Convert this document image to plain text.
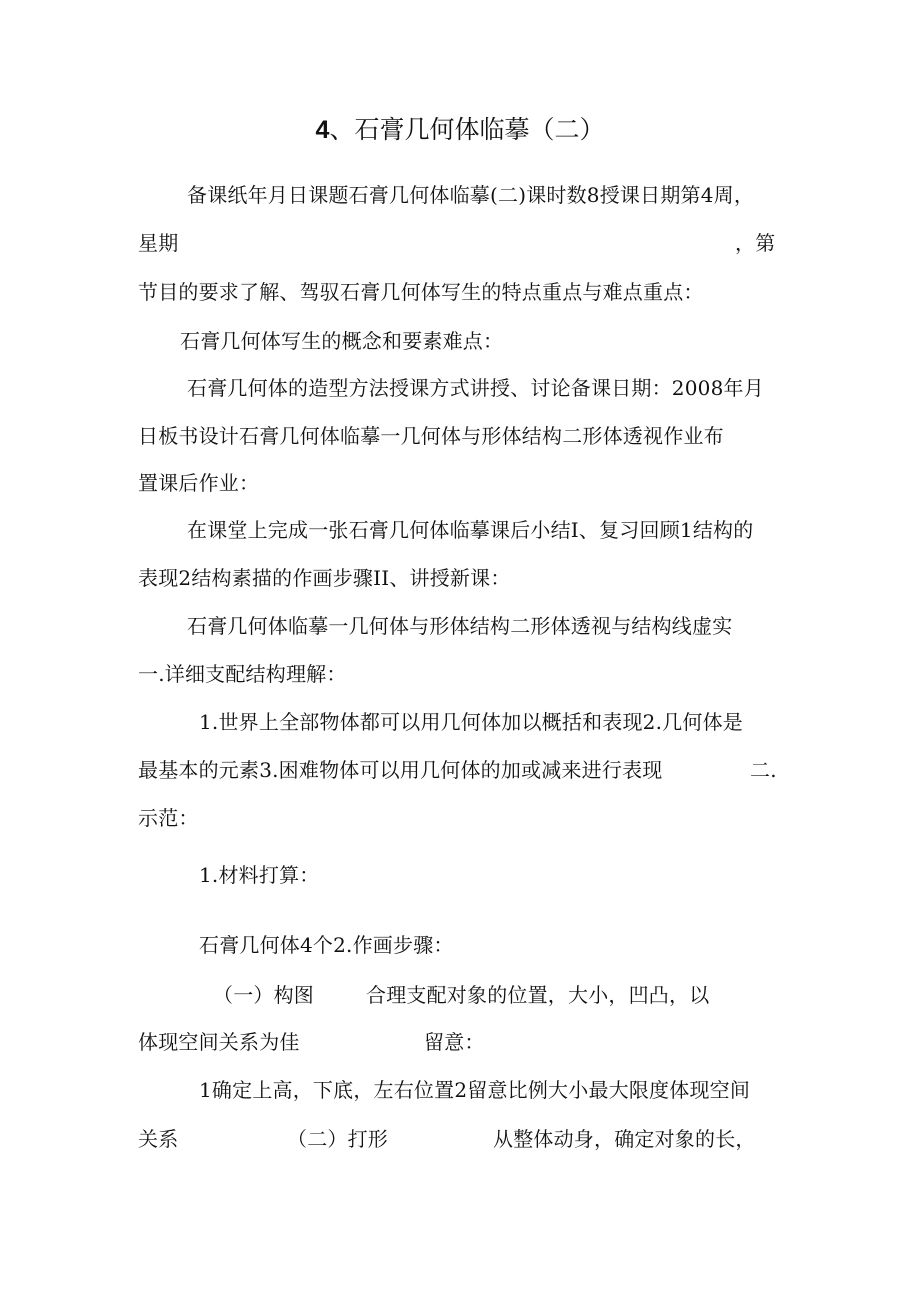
4、石膏几何体临摹（二）
备课纸年月日课题石膏几何体临摹(二)课时数8授课日期第4周，
星期	，第
节目的要求了解、驾驭石膏几何体写生的特点重点与难点重点：
石膏几何体写生的概念和要素难点：
石膏几何体的造型方法授课方式讲授、讨论备课日期：2008年月
日板书设计石膏几何体临摹一几何体与形体结构二形体透视作业布
置课后作业：
在课堂上完成一张石膏几何体临摹课后小结I、复习回顾1结构的
表现2结构素描的作画步骤II、讲授新课：
石膏几何体临摹一几何体与形体结构二形体透视与结构线虚实
一.详细支配结构理解：
1.世界上全部物体都可以用几何体加以概括和表现2.几何体是
最基本的元素3.困难物体可以用几何体的加或减来进行表现	二.
示范：
1.材料打算：
石膏几何体4个2.作画步骤：
（一）构图	合理支配对象的位置，大小，凹凸，以
体现空间关系为佳	留意：
1确定上高，下底，左右位置2留意比例大小最大限度体现空间
关系	（二）打形	从整体动身，确定对象的长，
